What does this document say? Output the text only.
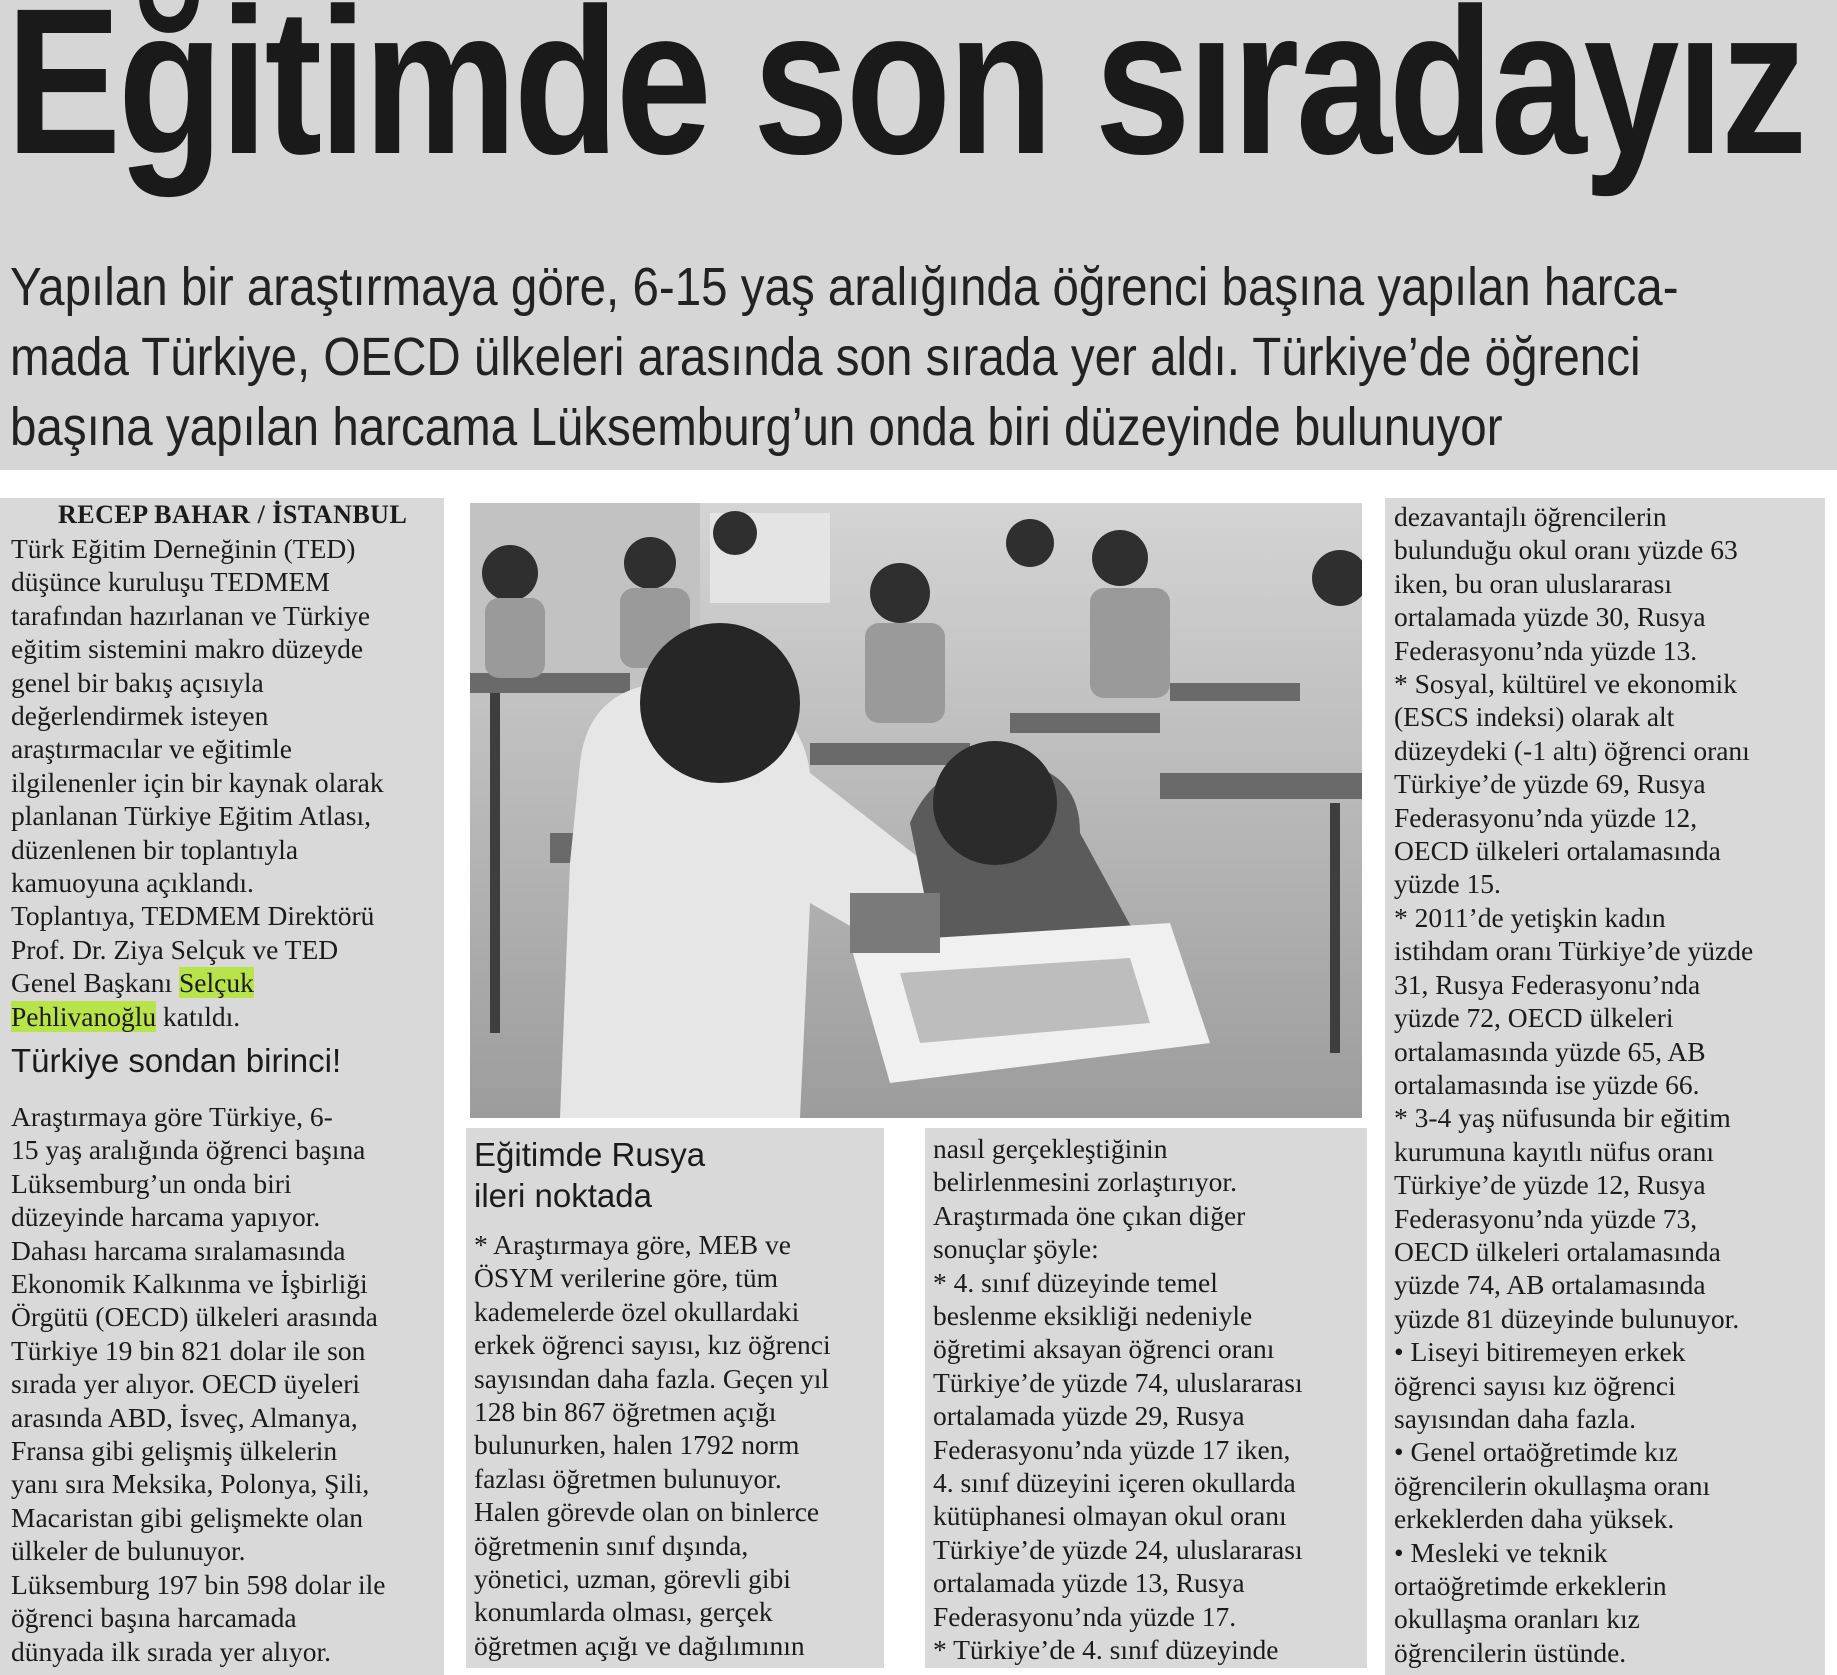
Eğitimde son sıradayız

Yapılan bir araştırmaya göre, 6-15 yaş aralığında öğrenci başına yapılan harca-
mada Türkiye, OECD ülkeleri arasında son sırada yer aldı. Türkiye’de öğrenci
başına yapılan harcama Lüksemburg’un onda biri düzeyinde bulunuyor

RECEP BAHAR / İSTANBUL

Türk Eğitim Derneğinin (TED)
düşünce kuruluşu TEDMEM
tarafından hazırlanan ve Türkiye
eğitim sistemini makro düzeyde
genel bir bakış açısıyla
değerlendirmek isteyen
araştırmacılar ve eğitimle
ilgilenenler için bir kaynak olarak
planlanan Türkiye Eğitim Atlası,
düzenlenen bir toplantıyla
kamuoyuna açıklandı.
Toplantıya, TEDMEM Direktörü
Prof. Dr. Ziya Selçuk ve TED
Genel Başkanı Selçuk
Pehlivanoğlu katıldı.

Türkiye sondan birinci!

Araştırmaya göre Türkiye, 6-
15 yaş aralığında öğrenci başına
Lüksemburg’un onda biri
düzeyinde harcama yapıyor.
Dahası harcama sıralamasında
Ekonomik Kalkınma ve İşbirliği
Örgütü (OECD) ülkeleri arasında
Türkiye 19 bin 821 dolar ile son
sırada yer alıyor. OECD üyeleri
arasında ABD, İsveç, Almanya,
Fransa gibi gelişmiş ülkelerin
yanı sıra Meksika, Polonya, Şili,
Macaristan gibi gelişmekte olan
ülkeler de bulunuyor.
Lüksemburg 197 bin 598 dolar ile
öğrenci başına harcamada
dünyada ilk sırada yer alıyor.

Eğitimde Rusya
ileri noktada

* Araştırmaya göre, MEB ve
ÖSYM verilerine göre, tüm
kademelerde özel okullardaki
erkek öğrenci sayısı, kız öğrenci
sayısından daha fazla. Geçen yıl
128 bin 867 öğretmen açığı
bulunurken, halen 1792 norm
fazlası öğretmen bulunuyor.
Halen görevde olan on binlerce
öğretmenin sınıf dışında,
yönetici, uzman, görevli gibi
konumlarda olması, gerçek
öğretmen açığı ve dağılımının

nasıl gerçekleştiğinin
belirlenmesini zorlaştırıyor.
Araştırmada öne çıkan diğer
sonuçlar şöyle:
* 4. sınıf düzeyinde temel
beslenme eksikliği nedeniyle
öğretimi aksayan öğrenci oranı
Türkiye’de yüzde 74, uluslararası
ortalamada yüzde 29, Rusya
Federasyonu’nda yüzde 17 iken,
4. sınıf düzeyini içeren okullarda
kütüphanesi olmayan okul oranı
Türkiye’de yüzde 24, uluslararası
ortalamada yüzde 13, Rusya
Federasyonu’nda yüzde 17.
* Türkiye’de 4. sınıf düzeyinde

dezavantajlı öğrencilerin
bulunduğu okul oranı yüzde 63
iken, bu oran uluslararası
ortalamada yüzde 30, Rusya
Federasyonu’nda yüzde 13.
* Sosyal, kültürel ve ekonomik
(ESCS indeksi) olarak alt
düzeydeki (-1 altı) öğrenci oranı
Türkiye’de yüzde 69, Rusya
Federasyonu’nda yüzde 12,
OECD ülkeleri ortalamasında
yüzde 15.
* 2011’de yetişkin kadın
istihdam oranı Türkiye’de yüzde
31, Rusya Federasyonu’nda
yüzde 72, OECD ülkeleri
ortalamasında yüzde 65, AB
ortalamasında ise yüzde 66.
* 3-4 yaş nüfusunda bir eğitim
kurumuna kayıtlı nüfus oranı
Türkiye’de yüzde 12, Rusya
Federasyonu’nda yüzde 73,
OECD ülkeleri ortalamasında
yüzde 74, AB ortalamasında
yüzde 81 düzeyinde bulunuyor.
• Liseyi bitiremeyen erkek
öğrenci sayısı kız öğrenci
sayısından daha fazla.
• Genel ortaöğretimde kız
öğrencilerin okullaşma oranı
erkeklerden daha yüksek.
• Mesleki ve teknik
ortaöğretimde erkeklerin
okullaşma oranları kız
öğrencilerin üstünde.
